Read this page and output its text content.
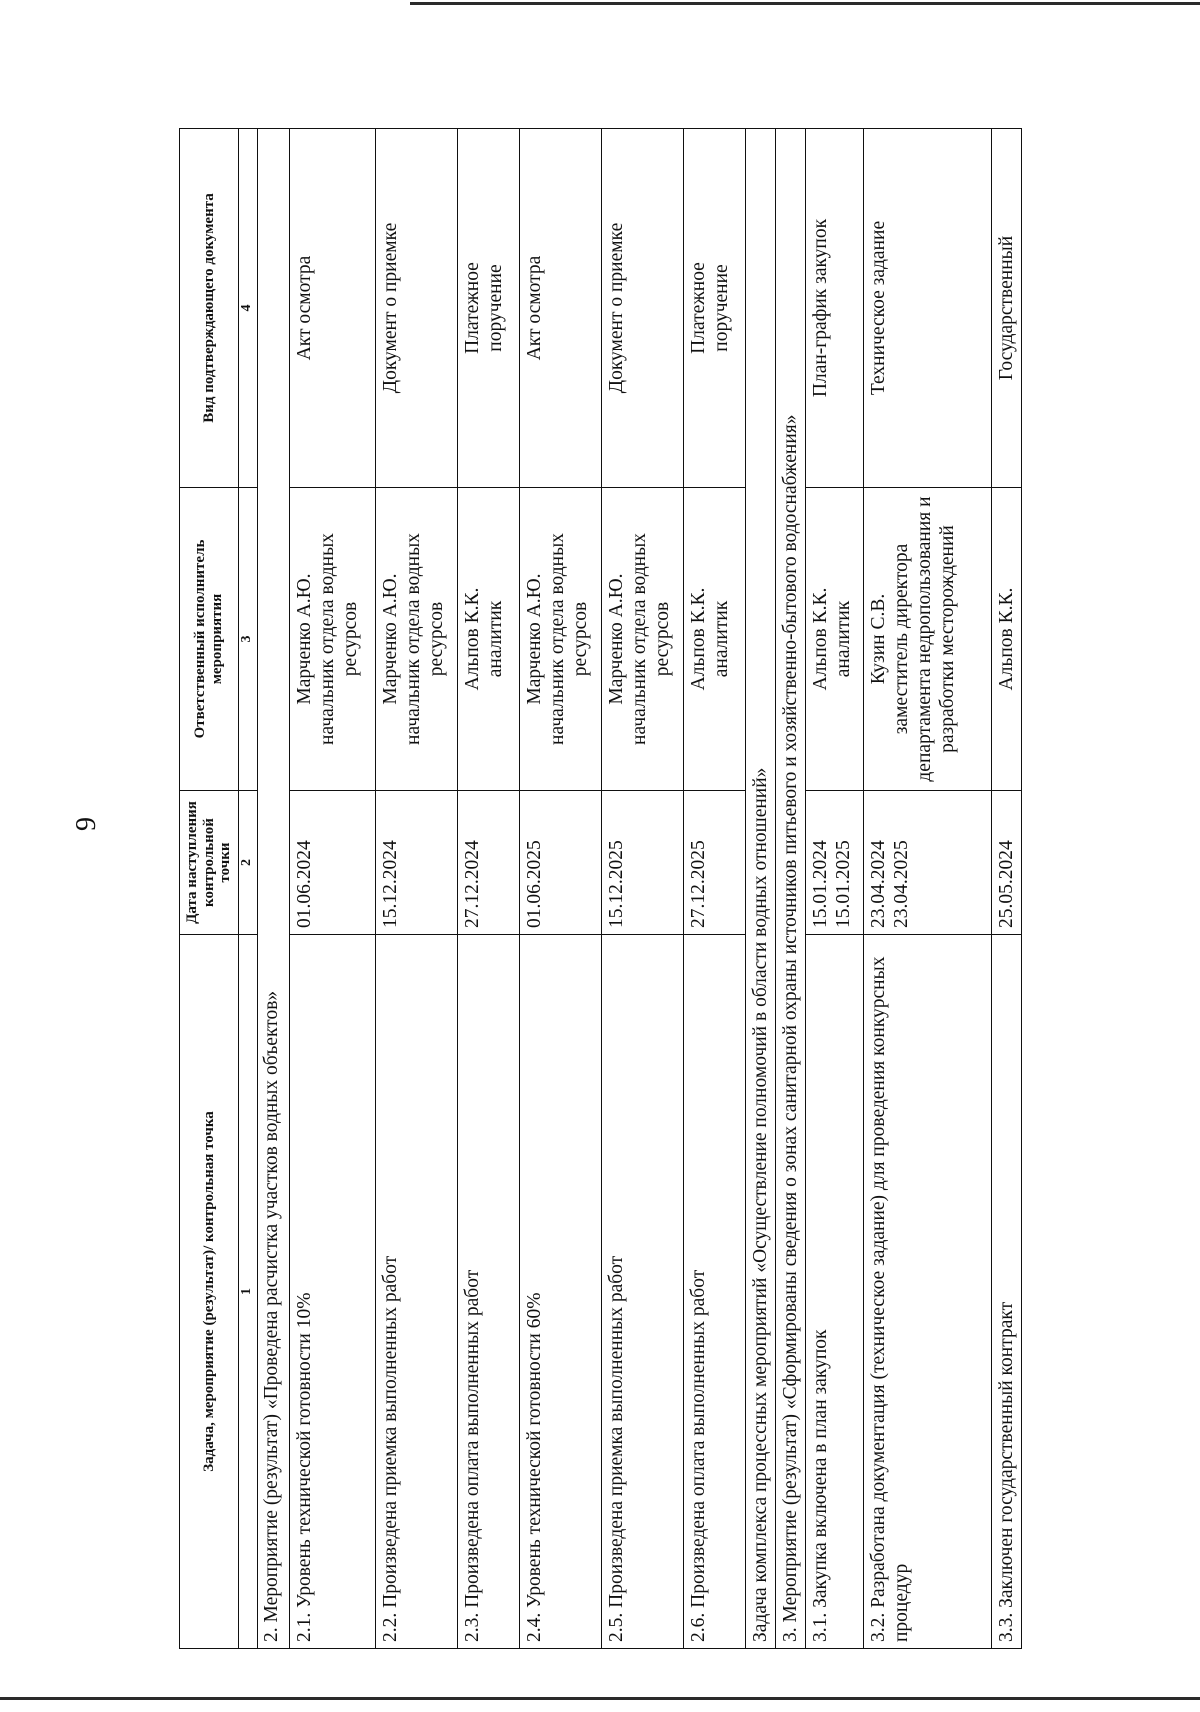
9
Задача, мероприятие (результат)/ контрольная точка	Дата наступления контрольной точки	Ответственный исполнитель мероприятия	Вид подтверждающего документа
1	2	3	4
2. Мероприятие (результат) «Проведена расчистка участков водных объектов»			
2.1. Уровень технической готовности 10%	01.06.2024	Марченко А.Ю. начальник отдела водных ресурсов	Акт осмотра
2.2. Произведена приемка выполненных работ	15.12.2024	Марченко А.Ю. начальник отдела водных ресурсов	Документ о приемке
2.3. Произведена оплата выполненных работ	27.12.2024	Альпов К.К. аналитик	Платежное поручение
2.4. Уровень технической готовности 60%	01.06.2025	Марченко А.Ю. начальник отдела водных ресурсов	Акт осмотра
2.5. Произведена приемка выполненных работ	15.12.2025	Марченко А.Ю. начальник отдела водных ресурсов	Документ о приемке
2.6. Произведена оплата выполненных работ	27.12.2025	Альпов К.К. аналитик	Платежное поручение
Задача комплекса процессных мероприятий «Осуществление полномочий в области водных отношений»			
3. Мероприятие (результат) «Сформированы сведения о зонах санитарной охраны источников питьевого и хозяйственно-бытового водоснабжения»			
3.1. Закупка включена в план закупок	15.01.2024 15.01.2025	Альпов К.К. аналитик	План-график закупок
3.2. Разработана документация (техническое задание) для проведения конкурсных процедур	23.04.2024 23.04.2025	Кузин С.В. заместитель директора департамента недропользования и разработки месторождений	Техническое задание
3.3. Заключен государственный контракт	25.05.2024	Альпов К.К.	Государственный
